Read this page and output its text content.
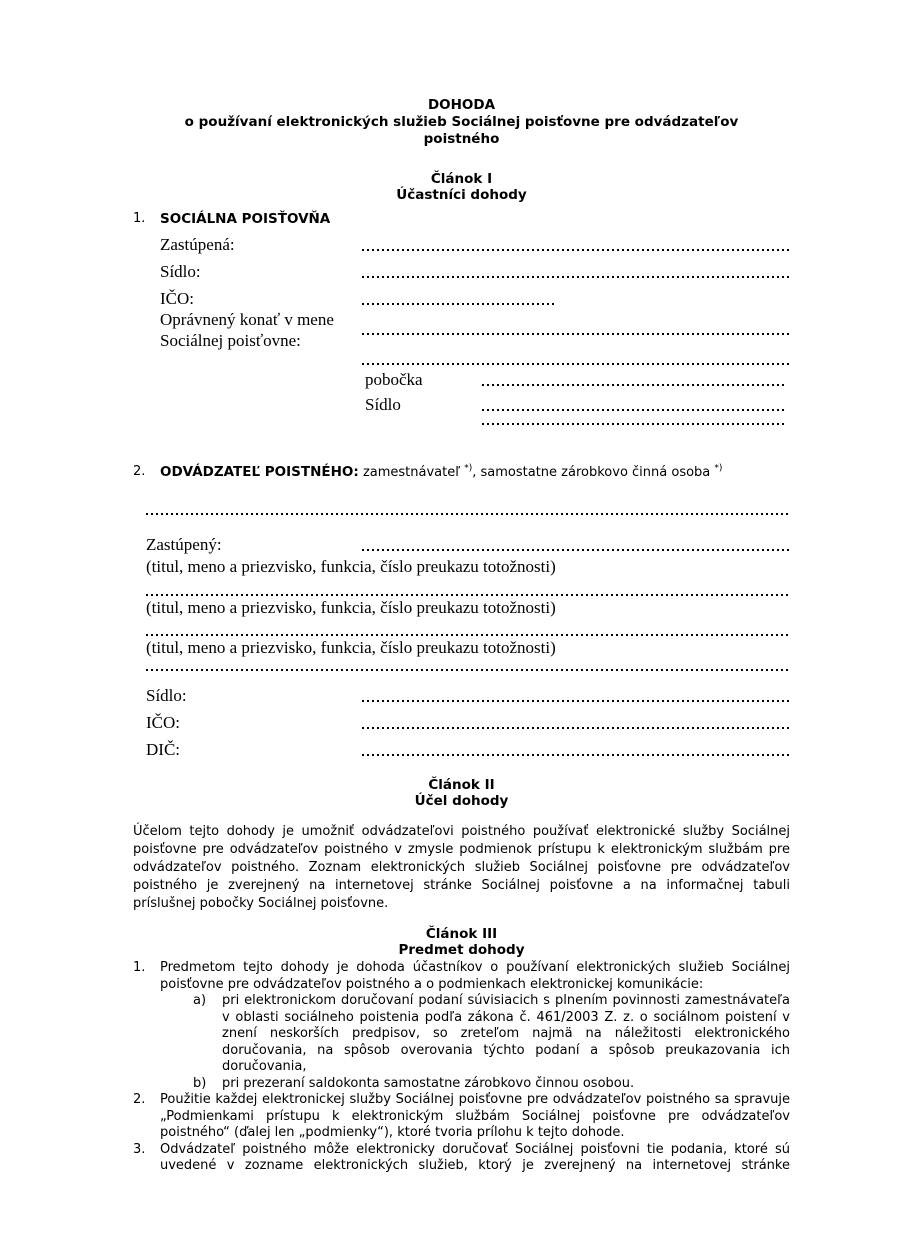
DOHODA
o používaní elektronických služieb Sociálnej poisťovne pre odvádzateľov
poistného
Článok I
Účastníci dohody
1.	SOCIÁLNA POISŤOVŇA
Zastúpená:
Sídlo:
IČO:
Oprávnený konať v mene
Sociálnej poisťovne:
pobočka
Sídlo
2.	ODVÁDZATEĽ POISTNÉHO: zamestnávateľ *), samostatne zárobkovo činná osoba *)
Zastúpený:
(titul, meno a priezvisko, funkcia, číslo preukazu totožnosti)
(titul, meno a priezvisko, funkcia, číslo preukazu totožnosti)
(titul, meno a priezvisko, funkcia, číslo preukazu totožnosti)
Sídlo:
IČO:
DIČ:
Článok II
Účel dohody
Účelom tejto dohody je umožniť odvádzateľovi poistného používať elektronické služby Sociálnej poisťovne pre odvádzateľov poistného v zmysle podmienok prístupu k elektronickým službám pre odvádzateľov poistného. Zoznam elektronických služieb Sociálnej poisťovne pre odvádzateľov poistného je zverejnený na internetovej stránke Sociálnej poisťovne a na informačnej tabuli príslušnej pobočky Sociálnej poisťovne.
Článok III
Predmet dohody
1.	Predmetom tejto dohody je dohoda účastníkov o používaní elektronických služieb Sociálnej poisťovne pre odvádzateľov poistného a o podmienkach elektronickej komunikácie:
a)	pri elektronickom doručovaní podaní súvisiacich s plnením povinnosti zamestnávateľa v oblasti sociálneho poistenia podľa zákona č. 461/2003 Z. z. o sociálnom poistení v znení neskorších predpisov, so zreteľom najmä na náležitosti elektronického doručovania, na spôsob overovania týchto podaní a spôsob preukazovania ich doručovania,
b)	pri prezeraní saldokonta samostatne zárobkovo činnou osobou.
2.	Použitie každej elektronickej služby Sociálnej poisťovne pre odvádzateľov poistného sa spravuje „Podmienkami prístupu k elektronickým službám Sociálnej poisťovne pre odvádzateľov poistného“ (ďalej len „podmienky“), ktoré tvoria prílohu k tejto dohode.
3.	Odvádzateľ poistného môže elektronicky doručovať Sociálnej poisťovni tie podania, ktoré sú uvedené v zozname elektronických služieb, ktorý je zverejnený na internetovej stránke
